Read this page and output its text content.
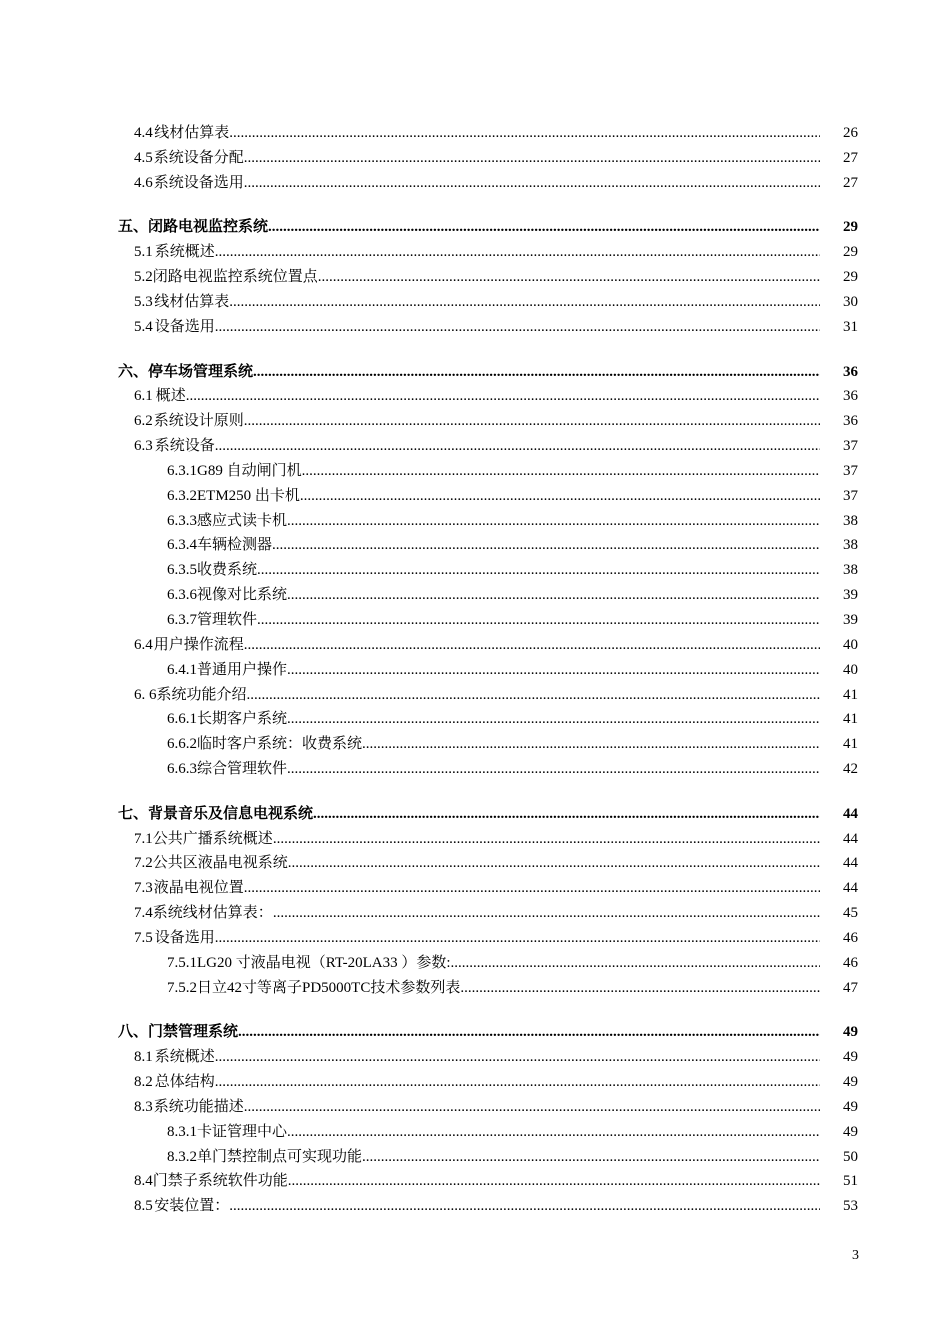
4.4 线材估算表 .....	26
4.5 系统设备分配 .....	27
4.6 系统设备选用 .....	27
五、闭路电视监控系统 .....	29
5.1 系统概述 .....	29
5.2 闭路电视监控系统位置点 .....	29
5.3 线材估算表 .....	30
5.4 设备选用 .....	31
六、停车场管理系统 .....	36
6.1 概述 .....	36
6.2 系统设计原则 .....	36
6.3 系统设备 .....	37
6.3.1G89 自动闸门机 .....	37
6.3.2ETM250 出卡机 .....	37
6.3.3感应式读卡机 .....	38
6.3.4车辆检测器 .....	38
6.3.5收费系统 .....	38
6.3.6视像对比系统 .....	39
6.3.7管理软件 .....	39
6.4 用户操作流程 .....	40
6.4.1普通用户操作 .....	40
6. 6 系统功能介绍 .....	41
6.6.1长期客户系统 .....	41
6.6.2临时客户系统：收费系统 .....	41
6.6.3综合管理软件 .....	42
七、背景音乐及信息电视系统 .....	44
7.1 公共广播系统概述 .....	44
7.2 公共区液晶电视系统 .....	44
7.3 液晶电视位置 .....	44
7.4 系统线材估算表： .....	45
7.5 设备选用 .....	46
7.5.1LG20 寸液晶电视（RT-20LA33 ）参数: .....	46
7.5.2日立42寸等离子PD5000TC技术参数列表 .....	47
八、门禁管理系统 .....	49
8.1 系统概述 .....	49
8.2 总体结构 .....	49
8.3 系统功能描述 .....	49
8.3.1卡证管理中心 .....	49
8.3.2单门禁控制点可实现功能 .....	50
8.4 门禁子系统软件功能 .....	51
8.5 安装位置： .....	53
3
